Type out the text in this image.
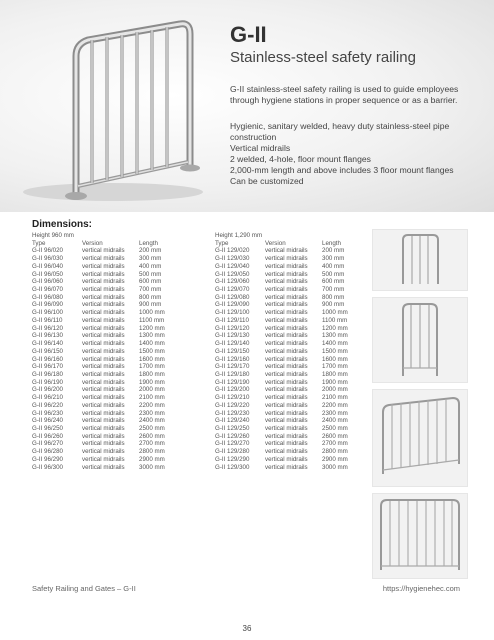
G-II
Stainless-steel safety railing
G-II stainless-steel safety railing is used to guide employees through hygiene stations in proper sequence or as a barrier.
Hygienic, sanitary welded, heavy duty stainless-steel pipe
construction
Vertical midrails
2 welded, 4-hole, floor mount flanges
2,000-mm length and above includes 3 floor mount flanges
Can be customized
Dimensions:
Height 960 mm
Type	Version	Length
G-II 96/020	vertical midrails	200 mm
G-II 96/030	vertical midrails	300 mm
G-II 96/040	vertical midrails	400 mm
G-II 96/050	vertical midrails	500 mm
G-II 96/060	vertical midrails	600 mm
G-II 96/070	vertical midrails	700 mm
G-II 96/080	vertical midrails	800 mm
G-II 96/090	vertical midrails	900 mm
G-II 96/100	vertical midrails	1000 mm
G-II 96/110	vertical midrails	1100 mm
G-II 96/120	vertical midrails	1200 mm
G-II 96/130	vertical midrails	1300 mm
G-II 96/140	vertical midrails	1400 mm
G-II 96/150	vertical midrails	1500 mm
G-II 96/160	vertical midrails	1600 mm
G-II 96/170	vertical midrails	1700 mm
G-II 96/180	vertical midrails	1800 mm
G-II 96/190	vertical midrails	1900 mm
G-II 96/200	vertical midrails	2000 mm
G-II 96/210	vertical midrails	2100 mm
G-II 96/220	vertical midrails	2200 mm
G-II 96/230	vertical midrails	2300 mm
G-II 96/240	vertical midrails	2400 mm
G-II 96/250	vertical midrails	2500 mm
G-II 96/260	vertical midrails	2600 mm
G-II 96/270	vertical midrails	2700 mm
G-II 96/280	vertical midrails	2800 mm
G-II 96/290	vertical midrails	2900 mm
G-II 96/300	vertical midrails	3000 mm
Height 1,290 mm
Type	Version	Length
G-II 129/020	vertical midrails	200 mm
G-II 129/030	vertical midrails	300 mm
G-II 129/040	vertical midrails	400 mm
G-II 129/050	vertical midrails	500 mm
G-II 129/060	vertical midrails	600 mm
G-II 129/070	vertical midrails	700 mm
G-II 129/080	vertical midrails	800 mm
G-II 129/090	vertical midrails	900 mm
G-II 129/100	vertical midrails	1000 mm
G-II 129/110	vertical midrails	1100 mm
G-II 129/120	vertical midrails	1200 mm
G-II 129/130	vertical midrails	1300 mm
G-II 129/140	vertical midrails	1400 mm
G-II 129/150	vertical midrails	1500 mm
G-II 129/160	vertical midrails	1600 mm
G-II 129/170	vertical midrails	1700 mm
G-II 129/180	vertical midrails	1800 mm
G-II 129/190	vertical midrails	1900 mm
G-II 129/200	vertical midrails	2000 mm
G-II 129/210	vertical midrails	2100 mm
G-II 129/220	vertical midrails	2200 mm
G-II 129/230	vertical midrails	2300 mm
G-II 129/240	vertical midrails	2400 mm
G-II 129/250	vertical midrails	2500 mm
G-II 129/260	vertical midrails	2600 mm
G-II 129/270	vertical midrails	2700 mm
G-II 129/280	vertical midrails	2800 mm
G-II 129/290	vertical midrails	2900 mm
G-II 129/300	vertical midrails	3000 mm
Safety Railing and Gates – G-II	https://hygienehec.com
36
